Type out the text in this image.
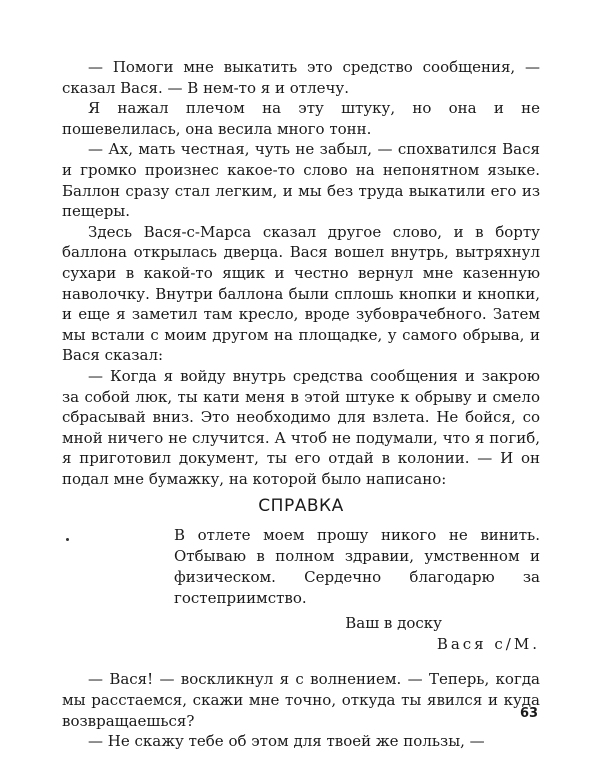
— Помоги мне выкатить это средство сообщения, — сказал Вася. — В нем-то я и отлечу.

Я нажал плечом на эту штуку, но она и не пошевелилась, она весила много тонн.

— Ах, мать честная, чуть не забыл, — спохватился Вася и громко произнес какое-то слово на непонятном языке. Баллон сразу стал легким, и мы без труда выкатили его из пещеры.

Здесь Вася-с-Марса сказал другое слово, и в борту баллона открылась дверца. Вася вошел внутрь, вытряхнул сухари в какой-то ящик и честно вернул мне казенную наволочку. Внутри баллона были сплошь кнопки и кнопки, и еще я заметил там кресло, вроде зубоврачебного. Затем мы встали с моим другом на площадке, у самого обрыва, и Вася сказал:

— Когда я войду внутрь средства сообщения и закрою за собой люк, ты кати меня в этой штуке к обрыву и смело сбрасывай вниз. Это необходимо для взлета. Не бойся, со мной ничего не случится. А чтоб не подумали, что я погиб, я приготовил документ, ты его отдай в колонии. — И он подал мне бумажку, на которой было написано:

СПРАВКА

В отлете моем прошу никого не винить. Отбываю в полном здравии, умственном и физическом. Сердечно благодарю за гостеприимство.

Ваш в доску

Вася с/М.

— Вася! — воскликнул я с волнением. — Теперь, когда мы расстаемся, скажи мне точно, откуда ты явился и куда возвращаешься?

— Не скажу тебе об этом для твоей же пользы, —

63
